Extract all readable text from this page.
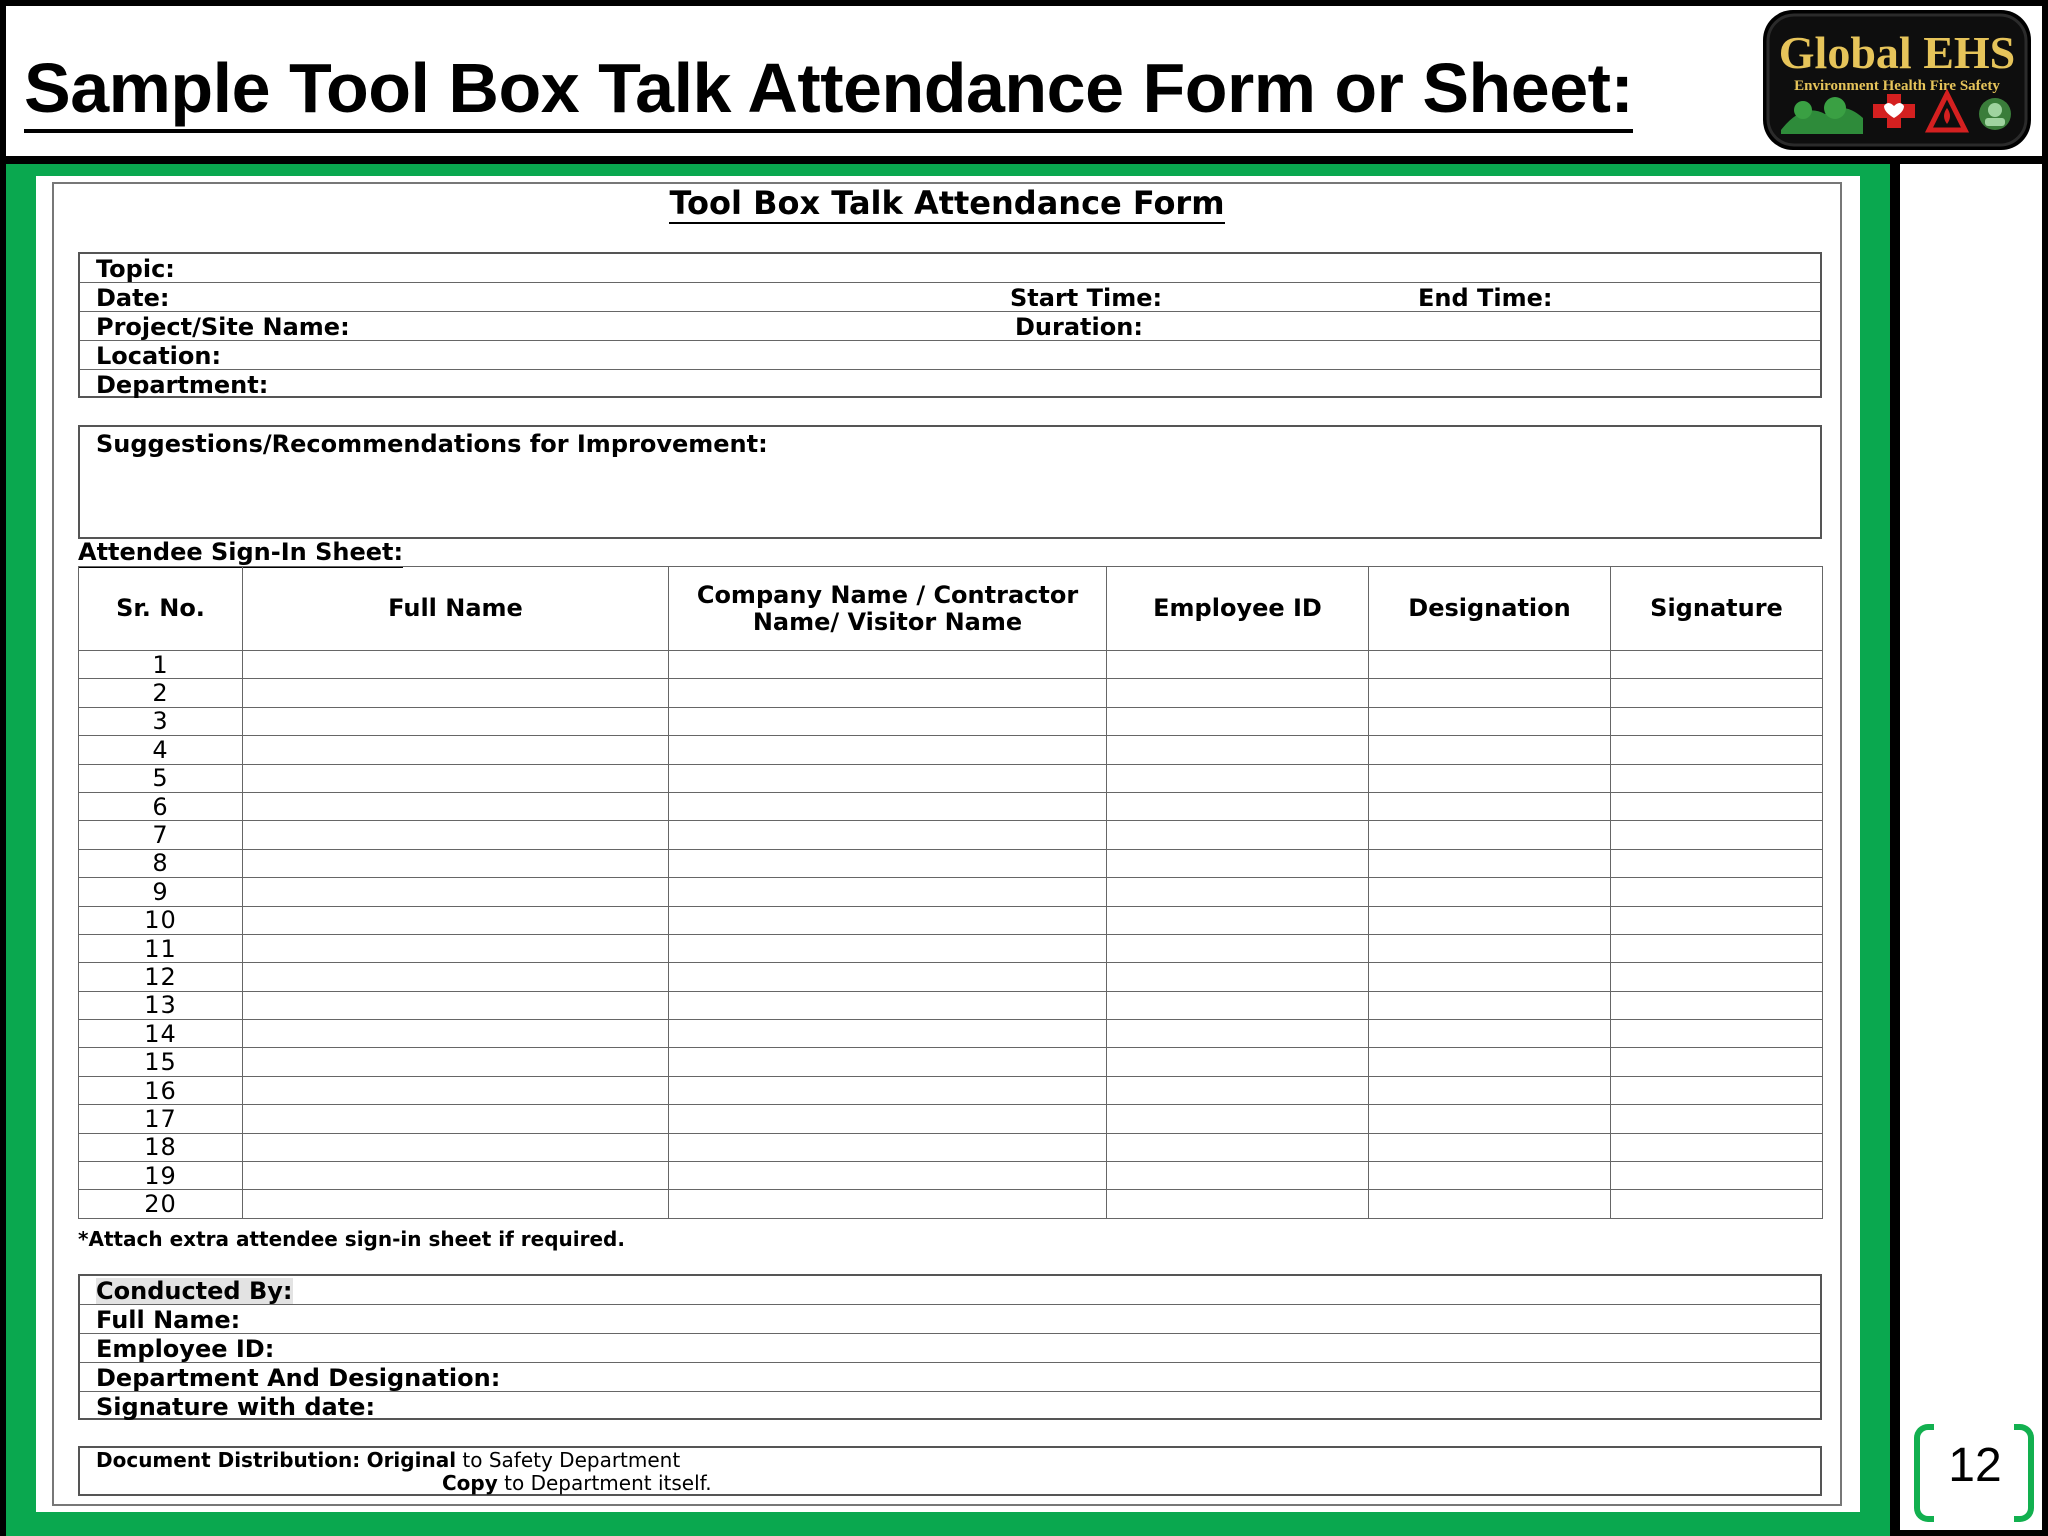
Sample Tool Box Talk Attendance Form or Sheet:	Global EHS
Environment Health Fire Safety
12
Tool Box Talk Attendance Form
Topic:
Date:	Start Time:	End Time:
Project/Site Name:	Duration:
Location:
Department:
Suggestions/Recommendations for Improvement:
Attendee Sign-In Sheet:
Sr. No.	Full Name	Company Name / Contractor Name/ Visitor Name	Employee ID	Designation	Signature
1					
2					
3					
4					
5					
6					
7					
8					
9					
10					
11					
12					
13					
14					
15					
16					
17					
18					
19					
20					
*Attach extra attendee sign-in sheet if required.
Conducted By:
Full Name:
Employee ID:
Department And Designation:
Signature with date:
Document Distribution: Original to Safety Department
Copy to Department itself.
